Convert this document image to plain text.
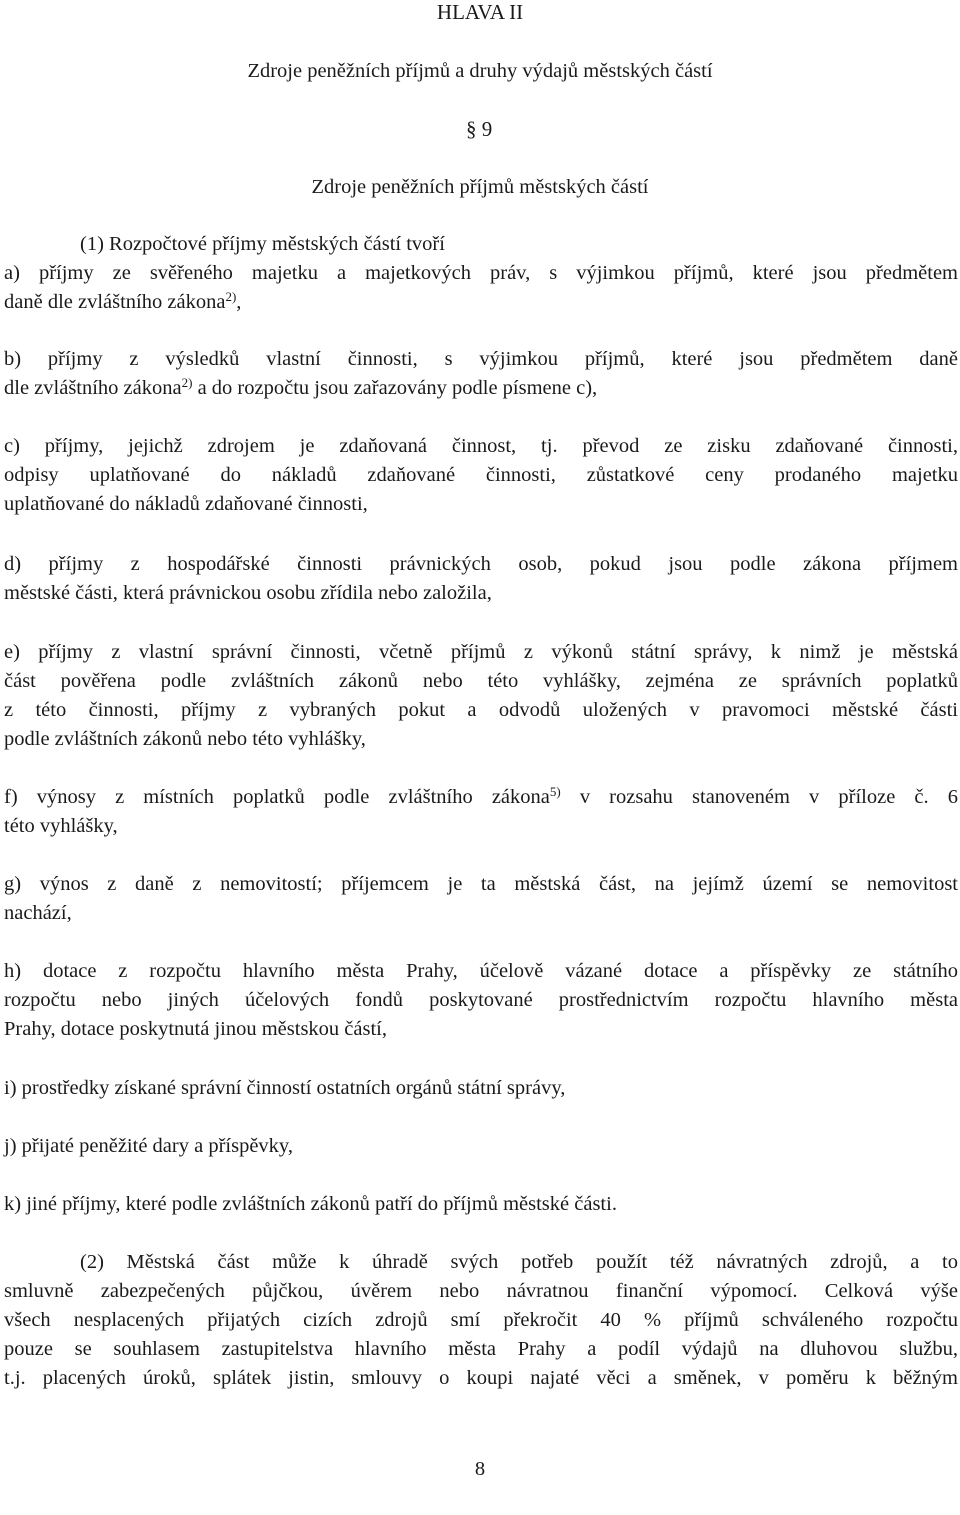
HLAVA II
Zdroje peněžních příjmů a druhy výdajů městských částí
§ 9
Zdroje peněžních příjmů městských částí
(1) Rozpočtové příjmy městských částí tvoří
a) příjmy ze svěřeného majetku a majetkových práv, s výjimkou příjmů, které jsou předmětem
daně dle zvláštního zákona$^{2)}$,
b) příjmy z výsledků vlastní činnosti, s výjimkou příjmů, které jsou předmětem daně
dle zvláštního zákona$^{2)}$ a do rozpočtu jsou zařazovány podle písmene c),
c) příjmy, jejichž zdrojem je zdaňovaná činnost, tj. převod ze zisku zdaňované činnosti,
odpisy uplatňované do nákladů zdaňované činnosti, zůstatkové ceny prodaného majetku
uplatňované do nákladů zdaňované činnosti,
d) příjmy z hospodářské činnosti právnických osob, pokud jsou podle zákona příjmem
městské části, která právnickou osobu zřídila nebo založila,
e) příjmy z vlastní správní činnosti, včetně příjmů z výkonů státní správy, k nimž je městská
část pověřena podle zvláštních zákonů nebo této vyhlášky, zejména ze správních poplatků
z této činnosti, příjmy z vybraných pokut a odvodů uložených v pravomoci městské části
podle zvláštních zákonů nebo této vyhlášky,
f) výnosy z místních poplatků podle zvláštního zákona$^{5)}$ v rozsahu stanoveném v příloze č. 6
této vyhlášky,
g) výnos z daně z nemovitostí; příjemcem je ta městská část, na jejímž území se nemovitost
nachází,
h) dotace z rozpočtu hlavního města Prahy, účelově vázané dotace a příspěvky ze státního
rozpočtu nebo jiných účelových fondů poskytované prostřednictvím rozpočtu hlavního města
Prahy, dotace poskytnutá jinou městskou částí,
i) prostředky získané správní činností ostatních orgánů státní správy,
j) přijaté peněžité dary a příspěvky,
k) jiné příjmy, které podle zvláštních zákonů patří do příjmů městské části.
(2) Městská část může k úhradě svých potřeb použít též návratných zdrojů, a to
smluvně zabezpečených půjčkou, úvěrem nebo návratnou finanční výpomocí. Celková výše
všech nesplacených přijatých cizích zdrojů smí překročit 40 % příjmů schváleného rozpočtu
pouze se souhlasem zastupitelstva hlavního města Prahy a podíl výdajů na dluhovou službu,
t.j. placených úroků, splátek jistin, smlouvy o koupi najaté věci a směnek, v poměru k běžným
8
